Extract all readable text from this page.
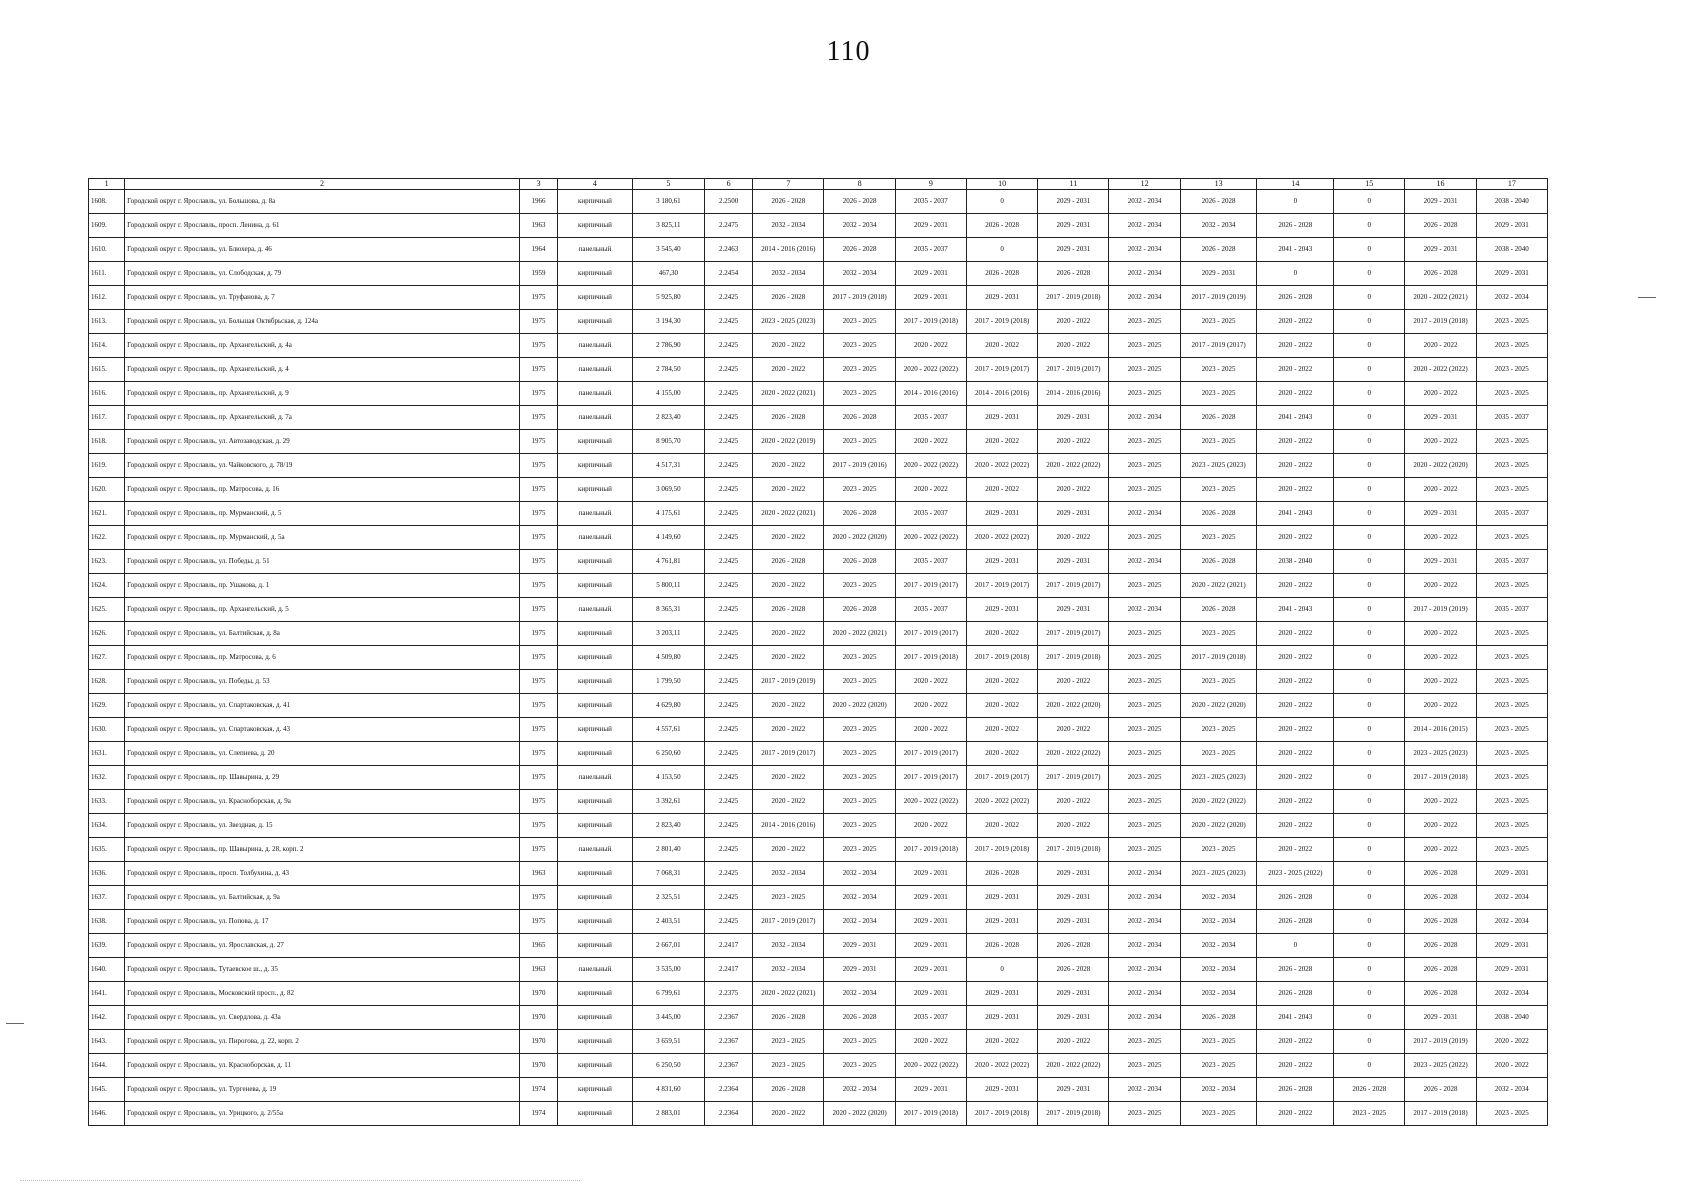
110
1	2	3	4	5	6	7	8	9	10	11	12	13	14	15	16	17
1608.	Городской округ г. Ярославль, ул. Большова, д. 8а	1966	кирпичный	3 180,61	2.2500	2026 - 2028	2026 - 2028	2035 - 2037	0	2029 - 2031	2032 - 2034	2026 - 2028	0	0	2029 - 2031	2038 - 2040
1609.	Городской округ г. Ярославль, просп. Ленина, д. 61	1963	кирпичный	3 825,11	2.2475	2032 - 2034	2032 - 2034	2029 - 2031	2026 - 2028	2029 - 2031	2032 - 2034	2032 - 2034	2026 - 2028	0	2026 - 2028	2029 - 2031
1610.	Городской округ г. Ярославль, ул. Блюхера, д. 46	1964	панельный	3 545,40	2.2463	2014 - 2016 (2016)	2026 - 2028	2035 - 2037	0	2029 - 2031	2032 - 2034	2026 - 2028	2041 - 2043	0	2029 - 2031	2038 - 2040
1611.	Городской округ г. Ярославль, ул. Слободская, д. 79	1959	кирпичный	467,30	2.2454	2032 - 2034	2032 - 2034	2029 - 2031	2026 - 2028	2026 - 2028	2032 - 2034	2029 - 2031	0	0	2026 - 2028	2029 - 2031
1612.	Городской округ г. Ярославль, ул. Труфанова, д. 7	1975	кирпичный	5 925,80	2.2425	2026 - 2028	2017 - 2019 (2018)	2029 - 2031	2029 - 2031	2017 - 2019 (2018)	2032 - 2034	2017 - 2019 (2019)	2026 - 2028	0	2020 - 2022 (2021)	2032 - 2034
1613.	Городской округ г. Ярославль, ул. Большая Октябрьская, д. 124а	1975	кирпичный	3 194,30	2.2425	2023 - 2025 (2023)	2023 - 2025	2017 - 2019 (2018)	2017 - 2019 (2018)	2020 - 2022	2023 - 2025	2023 - 2025	2020 - 2022	0	2017 - 2019 (2018)	2023 - 2025
1614.	Городской округ г. Ярославль, пр. Архангельский, д. 4а	1975	панельный	2 786,90	2.2425	2020 - 2022	2023 - 2025	2020 - 2022	2020 - 2022	2020 - 2022	2023 - 2025	2017 - 2019 (2017)	2020 - 2022	0	2020 - 2022	2023 - 2025
1615.	Городской округ г. Ярославль, пр. Архангельский, д. 4	1975	панельный	2 784,50	2.2425	2020 - 2022	2023 - 2025	2020 - 2022 (2022)	2017 - 2019 (2017)	2017 - 2019 (2017)	2023 - 2025	2023 - 2025	2020 - 2022	0	2020 - 2022 (2022)	2023 - 2025
1616.	Городской округ г. Ярославль, пр. Архангельский, д. 9	1975	панельный	4 155,00	2.2425	2020 - 2022 (2021)	2023 - 2025	2014 - 2016 (2016)	2014 - 2016 (2016)	2014 - 2016 (2016)	2023 - 2025	2023 - 2025	2020 - 2022	0	2020 - 2022	2023 - 2025
1617.	Городской округ г. Ярославль, пр. Архангельский, д. 7а	1975	панельный	2 823,40	2.2425	2026 - 2028	2026 - 2028	2035 - 2037	2029 - 2031	2029 - 2031	2032 - 2034	2026 - 2028	2041 - 2043	0	2029 - 2031	2035 - 2037
1618.	Городской округ г. Ярославль, ул. Автозаводская, д. 29	1975	кирпичный	8 905,70	2.2425	2020 - 2022 (2019)	2023 - 2025	2020 - 2022	2020 - 2022	2020 - 2022	2023 - 2025	2023 - 2025	2020 - 2022	0	2020 - 2022	2023 - 2025
1619.	Городской округ г. Ярославль, ул. Чайковского, д. 78/19	1975	кирпичный	4 517,31	2.2425	2020 - 2022	2017 - 2019 (2016)	2020 - 2022 (2022)	2020 - 2022 (2022)	2020 - 2022 (2022)	2023 - 2025	2023 - 2025 (2023)	2020 - 2022	0	2020 - 2022 (2020)	2023 - 2025
1620.	Городской округ г. Ярославль, пр. Матросова, д. 16	1975	кирпичный	3 069,50	2.2425	2020 - 2022	2023 - 2025	2020 - 2022	2020 - 2022	2020 - 2022	2023 - 2025	2023 - 2025	2020 - 2022	0	2020 - 2022	2023 - 2025
1621.	Городской округ г. Ярославль, пр. Мурманский, д. 5	1975	панельный	4 175,61	2.2425	2020 - 2022 (2021)	2026 - 2028	2035 - 2037	2029 - 2031	2029 - 2031	2032 - 2034	2026 - 2028	2041 - 2043	0	2029 - 2031	2035 - 2037
1622.	Городской округ г. Ярославль, пр. Мурманский, д. 5а	1975	панельный	4 149,60	2.2425	2020 - 2022	2020 - 2022 (2020)	2020 - 2022 (2022)	2020 - 2022 (2022)	2020 - 2022	2023 - 2025	2023 - 2025	2020 - 2022	0	2020 - 2022	2023 - 2025
1623.	Городской округ г. Ярославль, ул. Победы, д. 51	1975	кирпичный	4 761,81	2.2425	2026 - 2028	2026 - 2028	2035 - 2037	2029 - 2031	2029 - 2031	2032 - 2034	2026 - 2028	2038 - 2040	0	2029 - 2031	2035 - 2037
1624.	Городской округ г. Ярославль, пр. Ушакова, д. 1	1975	кирпичный	5 800,11	2.2425	2020 - 2022	2023 - 2025	2017 - 2019 (2017)	2017 - 2019 (2017)	2017 - 2019 (2017)	2023 - 2025	2020 - 2022 (2021)	2020 - 2022	0	2020 - 2022	2023 - 2025
1625.	Городской округ г. Ярославль, пр. Архангельский, д. 5	1975	панельный	8 365,31	2.2425	2026 - 2028	2026 - 2028	2035 - 2037	2029 - 2031	2029 - 2031	2032 - 2034	2026 - 2028	2041 - 2043	0	2017 - 2019 (2019)	2035 - 2037
1626.	Городской округ г. Ярославль, ул. Балтийская, д. 8а	1975	кирпичный	3 203,11	2.2425	2020 - 2022	2020 - 2022 (2021)	2017 - 2019 (2017)	2020 - 2022	2017 - 2019 (2017)	2023 - 2025	2023 - 2025	2020 - 2022	0	2020 - 2022	2023 - 2025
1627.	Городской округ г. Ярославль, пр. Матросова, д. 6	1975	кирпичный	4 509,80	2.2425	2020 - 2022	2023 - 2025	2017 - 2019 (2018)	2017 - 2019 (2018)	2017 - 2019 (2018)	2023 - 2025	2017 - 2019 (2018)	2020 - 2022	0	2020 - 2022	2023 - 2025
1628.	Городской округ г. Ярославль, ул. Победы, д. 53	1975	кирпичный	1 799,50	2.2425	2017 - 2019 (2019)	2023 - 2025	2020 - 2022	2020 - 2022	2020 - 2022	2023 - 2025	2023 - 2025	2020 - 2022	0	2020 - 2022	2023 - 2025
1629.	Городской округ г. Ярославль, ул. Спартаковская, д. 41	1975	кирпичный	4 629,80	2.2425	2020 - 2022	2020 - 2022 (2020)	2020 - 2022	2020 - 2022	2020 - 2022 (2020)	2023 - 2025	2020 - 2022 (2020)	2020 - 2022	0	2020 - 2022	2023 - 2025
1630.	Городской округ г. Ярославль, ул. Спартаковская, д. 43	1975	кирпичный	4 557,61	2.2425	2020 - 2022	2023 - 2025	2020 - 2022	2020 - 2022	2020 - 2022	2023 - 2025	2023 - 2025	2020 - 2022	0	2014 - 2016 (2015)	2023 - 2025
1631.	Городской округ г. Ярославль, ул. Слепнева, д. 20	1975	кирпичный	6 250,60	2.2425	2017 - 2019 (2017)	2023 - 2025	2017 - 2019 (2017)	2020 - 2022	2020 - 2022 (2022)	2023 - 2025	2023 - 2025	2020 - 2022	0	2023 - 2025 (2023)	2023 - 2025
1632.	Городской округ г. Ярославль, пр. Шавырина, д. 29	1975	панельный	4 153,50	2.2425	2020 - 2022	2023 - 2025	2017 - 2019 (2017)	2017 - 2019 (2017)	2017 - 2019 (2017)	2023 - 2025	2023 - 2025 (2023)	2020 - 2022	0	2017 - 2019 (2018)	2023 - 2025
1633.	Городской округ г. Ярославль, ул. Красноборская, д. 9а	1975	кирпичный	3 392,61	2.2425	2020 - 2022	2023 - 2025	2020 - 2022 (2022)	2020 - 2022 (2022)	2020 - 2022	2023 - 2025	2020 - 2022 (2022)	2020 - 2022	0	2020 - 2022	2023 - 2025
1634.	Городской округ г. Ярославль, ул. Звездная, д. 15	1975	кирпичный	2 823,40	2.2425	2014 - 2016 (2016)	2023 - 2025	2020 - 2022	2020 - 2022	2020 - 2022	2023 - 2025	2020 - 2022 (2020)	2020 - 2022	0	2020 - 2022	2023 - 2025
1635.	Городской округ г. Ярославль, пр. Шавырина, д. 28, корп. 2	1975	панельный	2 801,40	2.2425	2020 - 2022	2023 - 2025	2017 - 2019 (2018)	2017 - 2019 (2018)	2017 - 2019 (2018)	2023 - 2025	2023 - 2025	2020 - 2022	0	2020 - 2022	2023 - 2025
1636.	Городской округ г. Ярославль, просп. Толбухина, д. 43	1963	кирпичный	7 068,31	2.2425	2032 - 2034	2032 - 2034	2029 - 2031	2026 - 2028	2029 - 2031	2032 - 2034	2023 - 2025 (2023)	2023 - 2025 (2022)	0	2026 - 2028	2029 - 2031
1637.	Городской округ г. Ярославль, ул. Балтийская, д. 9а	1975	кирпичный	2 325,51	2.2425	2023 - 2025	2032 - 2034	2029 - 2031	2029 - 2031	2029 - 2031	2032 - 2034	2032 - 2034	2026 - 2028	0	2026 - 2028	2032 - 2034
1638.	Городской округ г. Ярославль, ул. Попова, д. 17	1975	кирпичный	2 403,51	2.2425	2017 - 2019 (2017)	2032 - 2034	2029 - 2031	2029 - 2031	2029 - 2031	2032 - 2034	2032 - 2034	2026 - 2028	0	2026 - 2028	2032 - 2034
1639.	Городской округ г. Ярославль, ул. Ярославская, д. 27	1965	кирпичный	2 667,01	2.2417	2032 - 2034	2029 - 2031	2029 - 2031	2026 - 2028	2026 - 2028	2032 - 2034	2032 - 2034	0	0	2026 - 2028	2029 - 2031
1640.	Городской округ г. Ярославль, Тутаевское ш., д. 35	1963	панельный	3 535,00	2.2417	2032 - 2034	2029 - 2031	2029 - 2031	0	2026 - 2028	2032 - 2034	2032 - 2034	2026 - 2028	0	2026 - 2028	2029 - 2031
1641.	Городской округ г. Ярославль, Московский просп., д. 82	1970	кирпичный	6 799,61	2.2375	2020 - 2022 (2021)	2032 - 2034	2029 - 2031	2029 - 2031	2029 - 2031	2032 - 2034	2032 - 2034	2026 - 2028	0	2026 - 2028	2032 - 2034
1642.	Городской округ г. Ярославль, ул. Свердлова, д. 43а	1970	кирпичный	3 445,00	2.2367	2026 - 2028	2026 - 2028	2035 - 2037	2029 - 2031	2029 - 2031	2032 - 2034	2026 - 2028	2041 - 2043	0	2029 - 2031	2038 - 2040
1643.	Городской округ г. Ярославль, ул. Пирогова, д. 22, корп. 2	1970	кирпичный	3 659,51	2.2367	2023 - 2025	2023 - 2025	2020 - 2022	2020 - 2022	2020 - 2022	2023 - 2025	2023 - 2025	2020 - 2022	0	2017 - 2019 (2019)	2020 - 2022
1644.	Городской округ г. Ярославль, ул. Красноборская, д. 11	1970	кирпичный	6 250,50	2.2367	2023 - 2025	2023 - 2025	2020 - 2022 (2022)	2020 - 2022 (2022)	2020 - 2022 (2022)	2023 - 2025	2023 - 2025	2020 - 2022	0	2023 - 2025 (2022)	2020 - 2022
1645.	Городской округ г. Ярославль, ул. Тургенева, д. 19	1974	кирпичный	4 831,60	2.2364	2026 - 2028	2032 - 2034	2029 - 2031	2029 - 2031	2029 - 2031	2032 - 2034	2032 - 2034	2026 - 2028	2026 - 2028	2026 - 2028	2032 - 2034
1646.	Городской округ г. Ярославль, ул. Урицкого, д. 2/55а	1974	кирпичный	2 883,01	2.2364	2020 - 2022	2020 - 2022 (2020)	2017 - 2019 (2018)	2017 - 2019 (2018)	2017 - 2019 (2018)	2023 - 2025	2023 - 2025	2020 - 2022	2023 - 2025	2017 - 2019 (2018)	2023 - 2025
